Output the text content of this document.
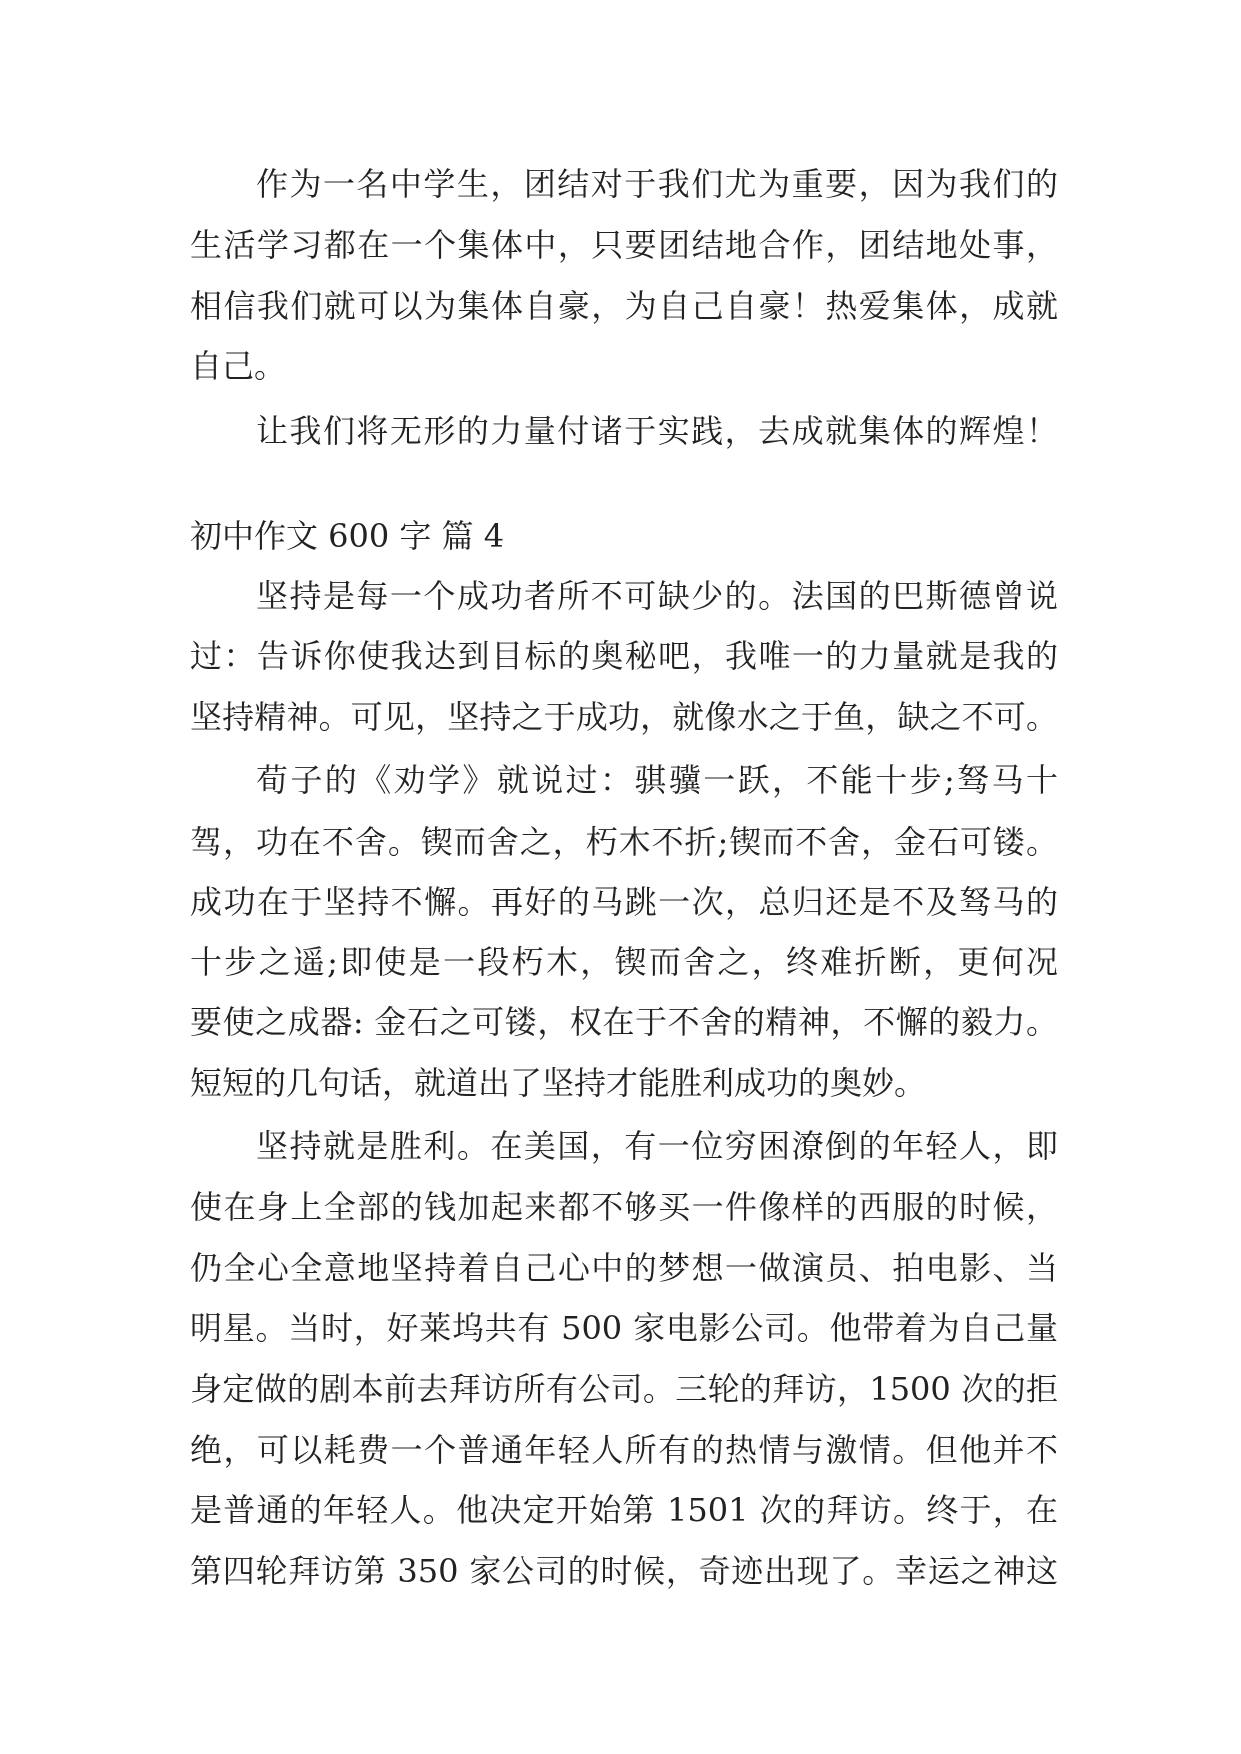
作为一名中学生，团结对于我们尤为重要，因为我们的
生活学习都在一个集体中，只要团结地合作，团结地处事，
相信我们就可以为集体自豪，为自己自豪！热爱集体，成就
自己。
让我们将无形的力量付诸于实践，去成就集体的辉煌！
初中作文 600 字 篇 4
坚持是每一个成功者所不可缺少的。法国的巴斯德曾说
过：告诉你使我达到目标的奥秘吧，我唯一的力量就是我的
坚持精神。可见，坚持之于成功，就像水之于鱼，缺之不可。
荀子的《劝学》就说过：骐骥一跃，不能十步;驽马十
驾，功在不舍。锲而舍之，朽木不折;锲而不舍，金石可镂。
成功在于坚持不懈。再好的马跳一次，总归还是不及驽马的
十步之遥;即使是一段朽木，锲而舍之，终难折断，更何况
要使之成器: 金石之可镂，权在于不舍的精神，不懈的毅力。
短短的几句话，就道出了坚持才能胜利成功的奥妙。
坚持就是胜利。在美国，有一位穷困潦倒的年轻人，即
使在身上全部的钱加起来都不够买一件像样的西服的时候，
仍全心全意地坚持着自己心中的梦想一做演员、拍电影、当
明星。当时，好莱坞共有 500 家电影公司。他带着为自己量
身定做的剧本前去拜访所有公司。三轮的拜访，1500 次的拒
绝，可以耗费一个普通年轻人所有的热情与激情。但他并不
是普通的年轻人。他决定开始第 1501 次的拜访。终于，在
第四轮拜访第 350 家公司的时候，奇迹出现了。幸运之神这
